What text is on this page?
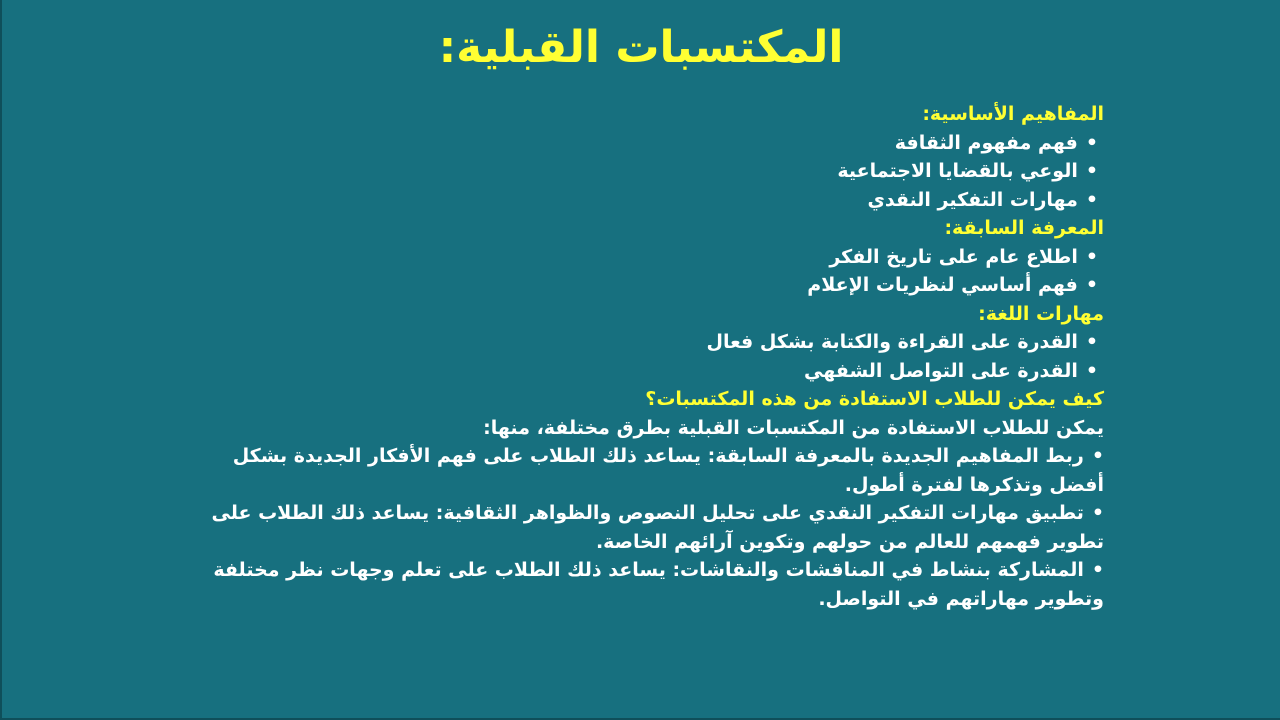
المكتسبات القبلية:

المفاهيم الأساسية:

• فهم مفهوم الثقافة

• الوعي بالقضايا الاجتماعية

• مهارات التفكير النقدي

المعرفة السابقة:

• اطلاع عام على تاريخ الفكر

• فهم أساسي لنظريات الإعلام

مهارات اللغة:

• القدرة على القراءة والكتابة بشكل فعال

• القدرة على التواصل الشفهي

كيف يمكن للطلاب الاستفادة من هذه المكتسبات؟

يمكن للطلاب الاستفادة من المكتسبات القبلية بطرق مختلفة، منها:

• ربط المفاهيم الجديدة بالمعرفة السابقة: يساعد ذلك الطلاب على فهم الأفكار الجديدة بشكل أفضل وتذكرها لفترة أطول.

• تطبيق مهارات التفكير النقدي على تحليل النصوص والظواهر الثقافية: يساعد ذلك الطلاب على تطوير فهمهم للعالم من حولهم وتكوين آرائهم الخاصة.

• المشاركة بنشاط في المناقشات والنقاشات: يساعد ذلك الطلاب على تعلم وجهات نظر مختلفة وتطوير مهاراتهم في التواصل.
